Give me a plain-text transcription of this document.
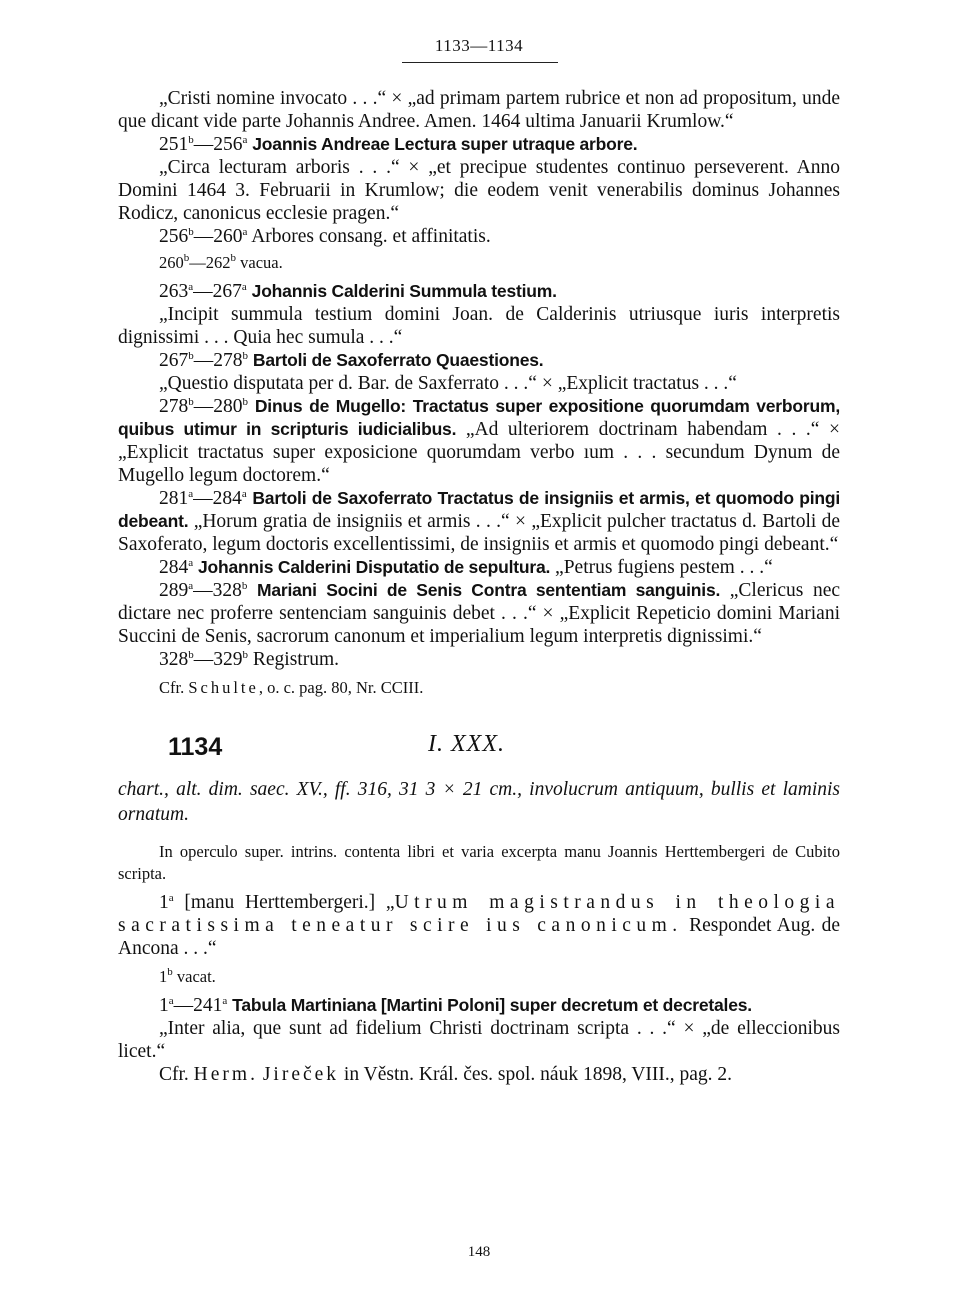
1133—1134

„Cristi nomine invocato . . .“ × „ad primam partem rubrice et non ad propositum, unde que dicant vide parte Johannis Andree. Amen. 1464 ultima Januarii Krumlow.“

251$^b$—256$^a$ Joannis Andreae Lectura super utraque arbore.

„Circa lecturam arboris . . .“ × „et precipue studentes continuo perseverent. Anno Domini 1464 3. Februarii in Krumlow; die eodem venit venerabilis dominus Johannes Rodicz, canonicus ecclesie pragen.“

256$^b$—260$^a$ Arbores consang. et affinitatis.

260$^b$—262$^b$ vacua.

263$^a$—267$^a$ Johannis Calderini Summula testium.

„Incipit summula testium domini Joan. de Calderinis utriusque iuris interpretis dignissimi . . . Quia hec sumula . . .“

267$^b$—278$^b$ Bartoli de Saxoferrato Quaestiones.

„Questio disputata per d. Bar. de Saxferrato . . .“ × „Explicit tractatus . . .“

278$^b$—280$^b$ Dinus de Mugello: Tractatus super expositione quorumdam verborum, quibus utimur in scripturis iudicialibus. „Ad ulteriorem doctrinam habendam . . .“ × „Explicit tractatus super exposicione quorumdam verbo ıum . . . secundum Dynum de Mugello legum doctorem.“

281$^a$—284$^a$ Bartoli de Saxoferrato Tractatus de insigniis et armis, et quomodo pingi debeant. „Horum gratia de insigniis et armis . . .“ × „Explicit pulcher tractatus d. Bartoli de Saxoferato, legum doctoris excellentissimi, de insigniis et armis et quomodo pingi debeant.“

284$^a$ Johannis Calderini Disputatio de sepultura. „Petrus fugiens pestem . . .“

289$^a$—328$^b$ Mariani Socini de Senis Contra sententiam sanguinis. „Clericus nec dictare nec proferre sentenciam sanguinis debet . . .“ × „Explicit Repeticio domini Mariani Succini de Senis, sacrorum canonum et imperialium legum interpretis dignissimi.“

328$^b$—329$^b$ Registrum.

Cfr. Schulte, o. c. pag. 80, Nr. CCIII.

1134	I. XXX.

chart., alt. dim. saec. XV., ff. 316, 31 3 × 21 cm., involucrum antiquum, bullis et laminis ornatum.

In operculo super. intrins. contenta libri et varia excerpta manu Joannis Herttembergeri de Cubito scripta.

1$^a$ [manu Herttembergeri.] „Utrum magistrandus in theologia sacratissima teneatur scire ius canonicum. Respondet Aug. de Ancona . . .“

1$^b$ vacat.

1$^a$—241$^a$ Tabula Martiniana [Martini Poloni] super decretum et decretales.

„Inter alia, que sunt ad fidelium Christi doctrinam scripta . . .“ × „de elleccionibus licet.“

Cfr. Herm. Jireček in Věstn. Král. čes. spol. náuk 1898, VIII., pag. 2.

148
